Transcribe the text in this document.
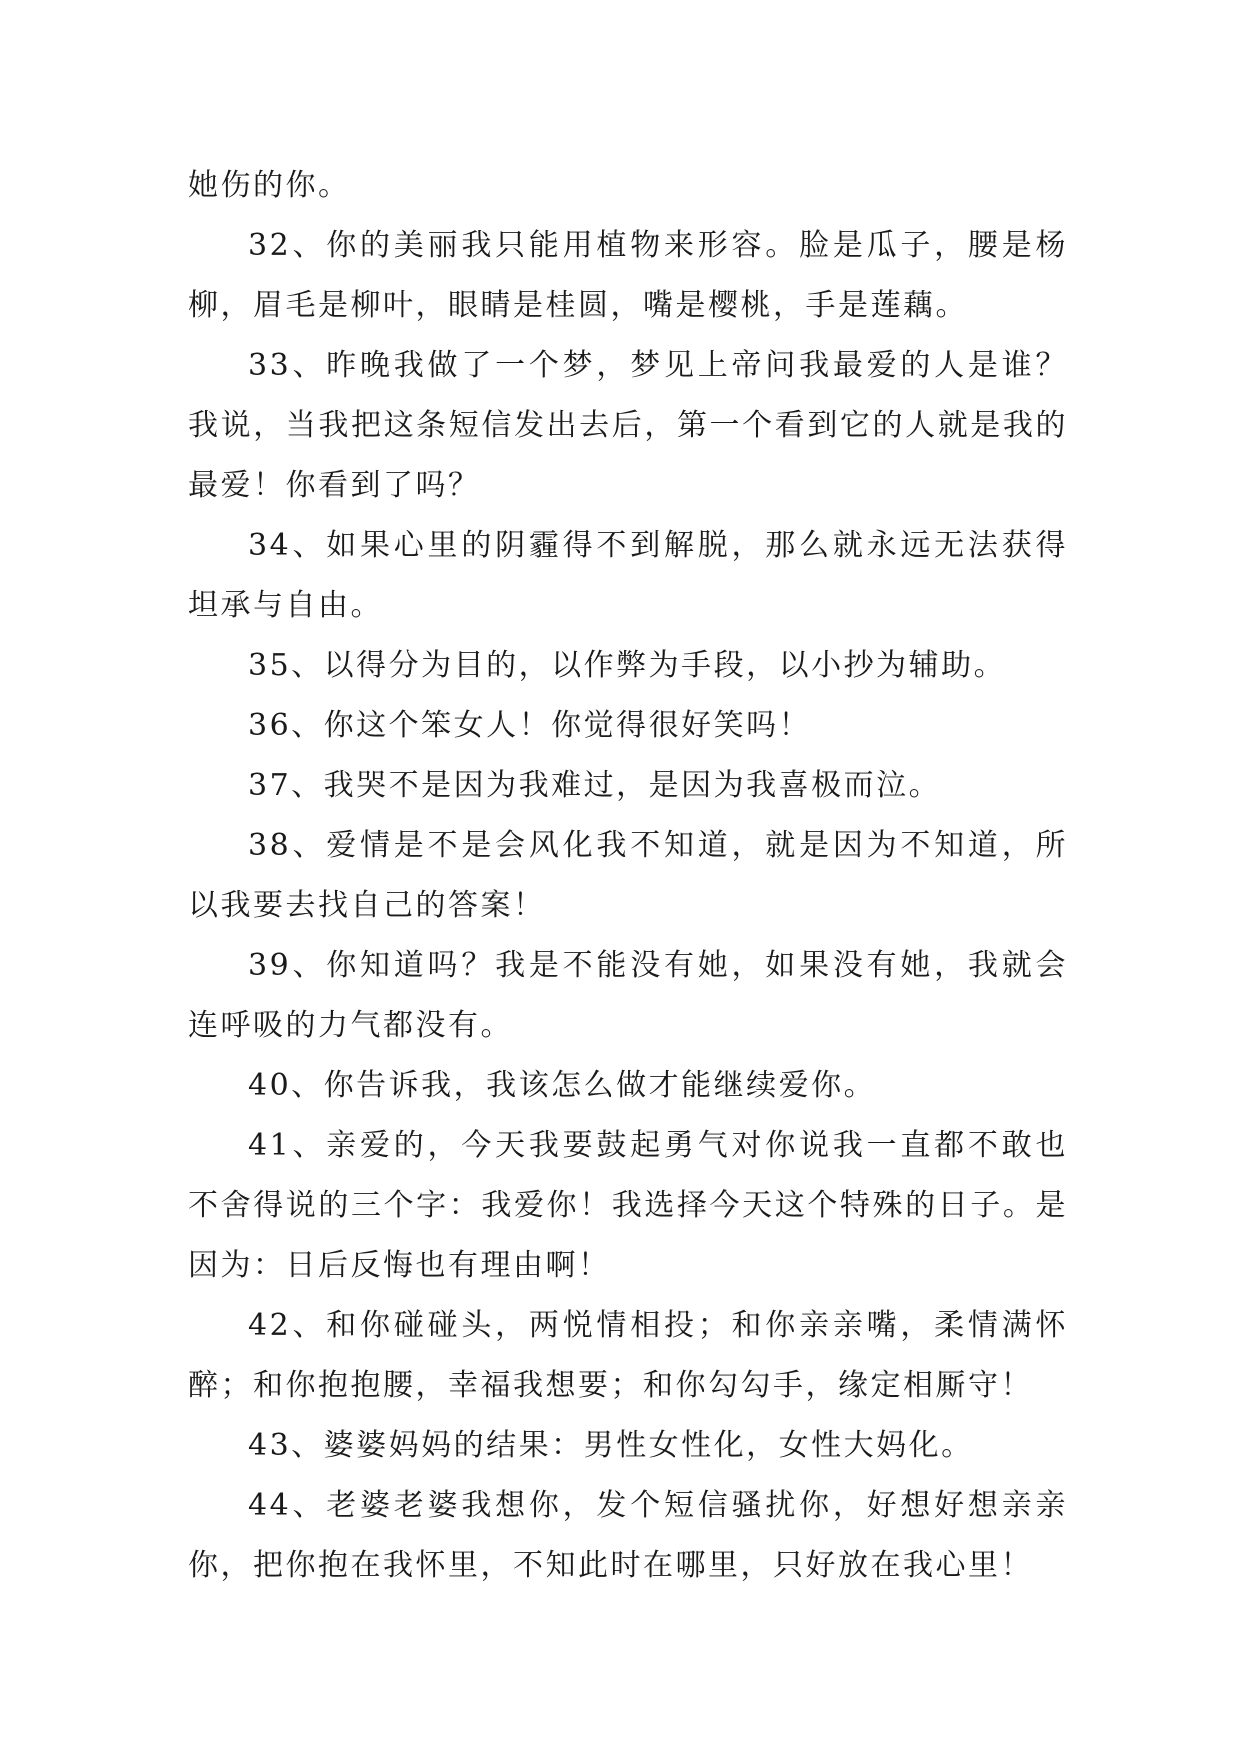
她伤的你。

32、你的美丽我只能用植物来形容。脸是瓜子，腰是杨柳，眉毛是柳叶，眼睛是桂圆，嘴是樱桃，手是莲藕。

33、昨晚我做了一个梦，梦见上帝问我最爱的人是谁？我说，当我把这条短信发出去后，第一个看到它的人就是我的最爱！你看到了吗？

34、如果心里的阴霾得不到解脱，那么就永远无法获得坦承与自由。

35、以得分为目的，以作弊为手段，以小抄为辅助。

36、你这个笨女人！你觉得很好笑吗！

37、我哭不是因为我难过，是因为我喜极而泣。

38、爱情是不是会风化我不知道，就是因为不知道，所以我要去找自己的答案！

39、你知道吗？我是不能没有她，如果没有她，我就会连呼吸的力气都没有。

40、你告诉我，我该怎么做才能继续爱你。

41、亲爱的，今天我要鼓起勇气对你说我一直都不敢也不舍得说的三个字：我爱你！我选择今天这个特殊的日子。是因为：日后反悔也有理由啊！

42、和你碰碰头，两悦情相投；和你亲亲嘴，柔情满怀醉；和你抱抱腰，幸福我想要；和你勾勾手，缘定相厮守！

43、婆婆妈妈的结果：男性女性化，女性大妈化。

44、老婆老婆我想你，发个短信骚扰你，好想好想亲亲你，把你抱在我怀里，不知此时在哪里，只好放在我心里！
